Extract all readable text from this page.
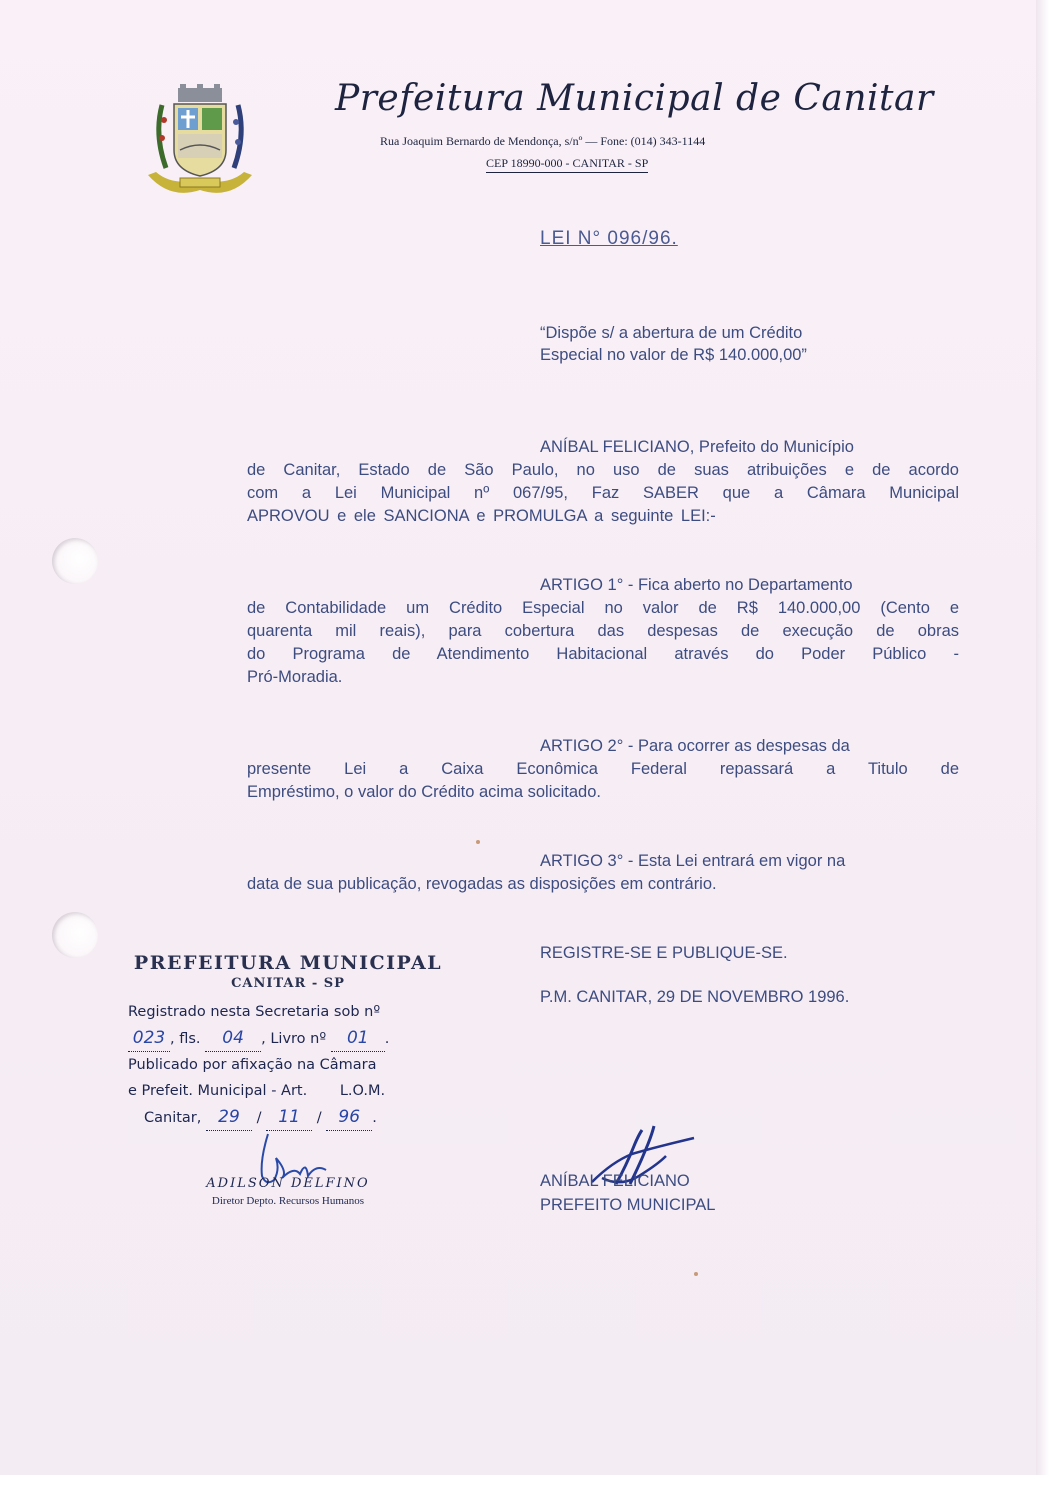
Prefeitura Municipal de Canitar
Rua Joaquim Bernardo de Mendonça, s/nº — Fone: (014) 343-1144
CEP 18990-000 - CANITAR - SP
LEI N° 096/96.
“Dispõe s/ a abertura de um Crédito
Especial no valor de R$ 140.000,00”
ANÍBAL FELICIANO, Prefeito do Município
de Canitar, Estado de São Paulo, no uso de suas atribuições e de acordo
com a Lei Municipal nº 067/95, Faz SABER que a Câmara Municipal
APROVOU e ele SANCIONA e PROMULGA a seguinte LEI:-
ARTIGO 1° - Fica aberto no Departamento
de Contabilidade um Crédito Especial no valor de R$ 140.000,00 (Cento e
quarenta mil reais), para cobertura das despesas de execução de obras
do Programa de Atendimento Habitacional através do Poder Público -
Pró-Moradia.
ARTIGO 2° - Para ocorrer as despesas da
presente Lei a Caixa Econômica Federal repassará a Titulo de
Empréstimo, o valor do Crédito acima solicitado.
ARTIGO 3° - Esta Lei entrará em vigor na
data de sua publicação, revogadas as disposições em contrário.
REGISTRE-SE E PUBLIQUE-SE.
P.M. CANITAR, 29 DE NOVEMBRO 1996.
PREFEITURA MUNICIPAL
CANITAR - SP
Registrado nesta Secretaria sob nº
023 , fls. 04 , Livro nº 01 .
Publicado por afixação na Câmara
e Prefeit. Municipal - Art. L.O.M.
Canitar, 29 / 11 / 96 .
ADILSON DELFINO
Diretor Depto. Recursos Humanos
ANÍBAL FELICIANO
PREFEITO MUNICIPAL
